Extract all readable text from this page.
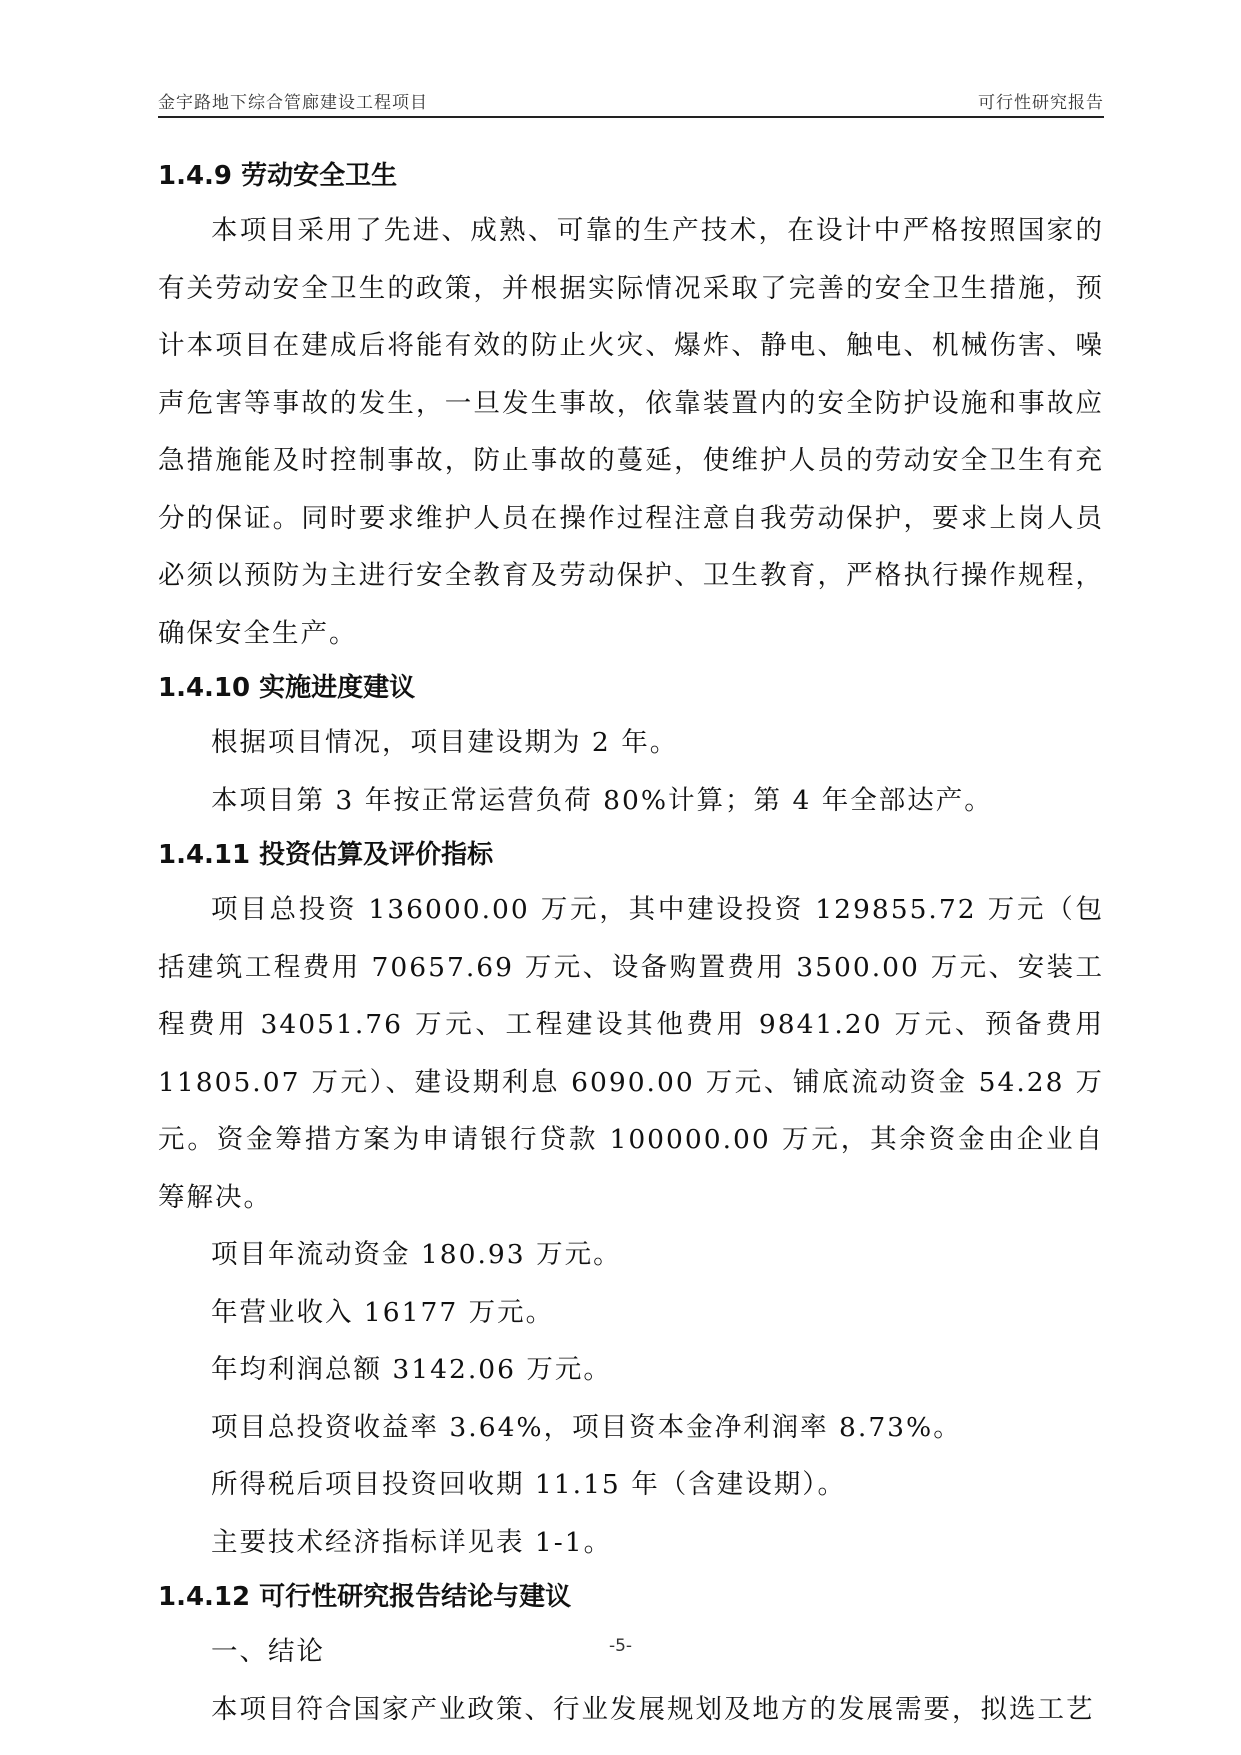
金宇路地下综合管廊建设工程项目	可行性研究报告
1.4.9 劳动安全卫生

本项目采用了先进、成熟、可靠的生产技术，在设计中严格按照国家的有关劳动安全卫生的政策，并根据实际情况采取了完善的安全卫生措施，预计本项目在建成后将能有效的防止火灾、爆炸、静电、触电、机械伤害、噪声危害等事故的发生，一旦发生事故，依靠装置内的安全防护设施和事故应急措施能及时控制事故，防止事故的蔓延，使维护人员的劳动安全卫生有充分的保证。同时要求维护人员在操作过程注意自我劳动保护，要求上岗人员必须以预防为主进行安全教育及劳动保护、卫生教育，严格执行操作规程，确保安全生产。

1.4.10 实施进度建议

根据项目情况，项目建设期为 2 年。

本项目第 3 年按正常运营负荷 80%计算；第 4 年全部达产。

1.4.11 投资估算及评价指标

项目总投资 136000.00 万元，其中建设投资 129855.72 万元（包括建筑工程费用 70657.69 万元、设备购置费用 3500.00 万元、安装工程费用 34051.76 万元、工程建设其他费用 9841.20 万元、预备费用 11805.07 万元）、建设期利息 6090.00 万元、铺底流动资金 54.28 万元。资金筹措方案为申请银行贷款 100000.00 万元，其余资金由企业自筹解决。

项目年流动资金 180.93 万元。

年营业收入 16177 万元。

年均利润总额 3142.06 万元。

项目总投资收益率 3.64%，项目资本金净利润率 8.73%。

所得税后项目投资回收期 11.15 年（含建设期）。

主要技术经济指标详见表 1-1。

1.4.12 可行性研究报告结论与建议

一、结论

本项目符合国家产业政策、行业发展规划及地方的发展需要，拟选工艺

-5-
